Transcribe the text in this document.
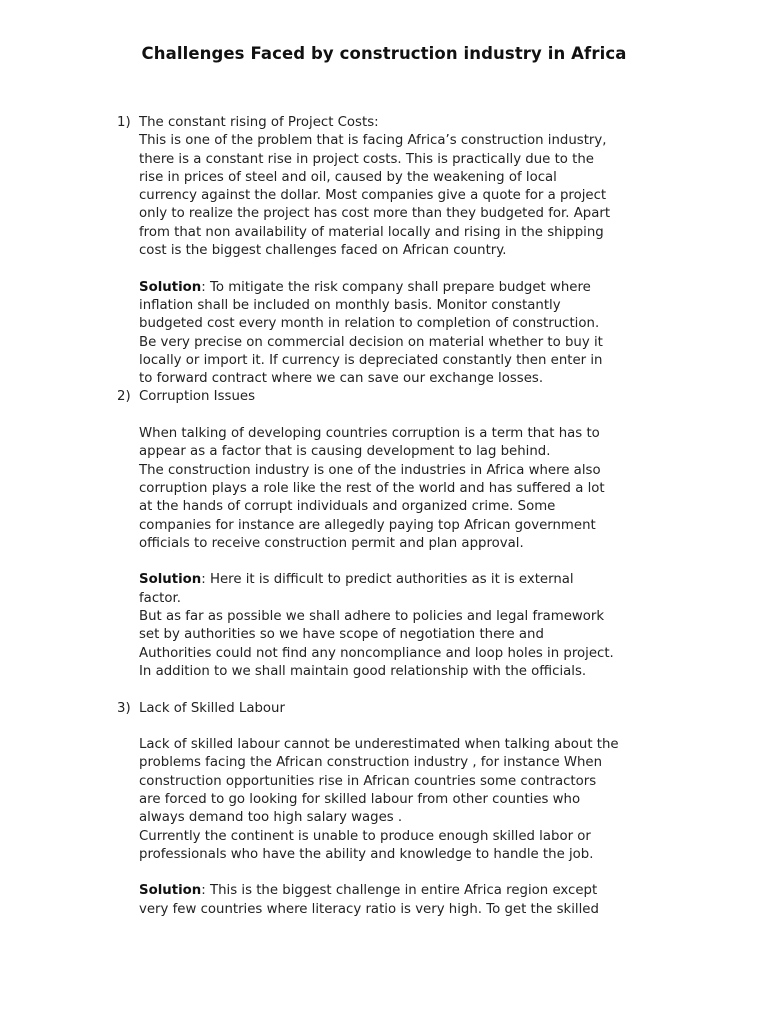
Challenges Faced by construction industry in Africa
1) The constant rising of Project Costs:
This is one of the problem that is facing Africa’s construction industry,
there is a constant rise in project costs. This is practically due to the
rise in prices of steel and oil, caused by the weakening of local
currency against the dollar. Most companies give a quote for a project
only to realize the project has cost more than they budgeted for. Apart
from that non availability of material locally and rising in the shipping
cost is the biggest challenges faced on African country.
Solution: To mitigate the risk company shall prepare budget where
inflation shall be included on monthly basis. Monitor constantly
budgeted cost every month in relation to completion of construction.
Be very precise on commercial decision on material whether to buy it
locally or import it. If currency is depreciated constantly then enter in
to forward contract where we can save our exchange losses.
2) Corruption Issues
When talking of developing countries corruption is a term that has to
appear as a factor that is causing development to lag behind.
The construction industry is one of the industries in Africa where also
corruption plays a role like the rest of the world and has suffered a lot
at the hands of corrupt individuals and organized crime. Some
companies for instance are allegedly paying top African government
officials to receive construction permit and plan approval.
Solution: Here it is difficult to predict authorities as it is external
factor.
But as far as possible we shall adhere to policies and legal framework
set by authorities so we have scope of negotiation there and
Authorities could not find any noncompliance and loop holes in project.
In addition to we shall maintain good relationship with the officials.
3) Lack of Skilled Labour
Lack of skilled labour cannot be underestimated when talking about the
problems facing the African construction industry , for instance When
construction opportunities rise in African countries some contractors
are forced to go looking for skilled labour from other counties who
always demand too high salary wages .
Currently the continent is unable to produce enough skilled labor or
professionals who have the ability and knowledge to handle the job.
Solution: This is the biggest challenge in entire Africa region except
very few countries where literacy ratio is very high. To get the skilled
